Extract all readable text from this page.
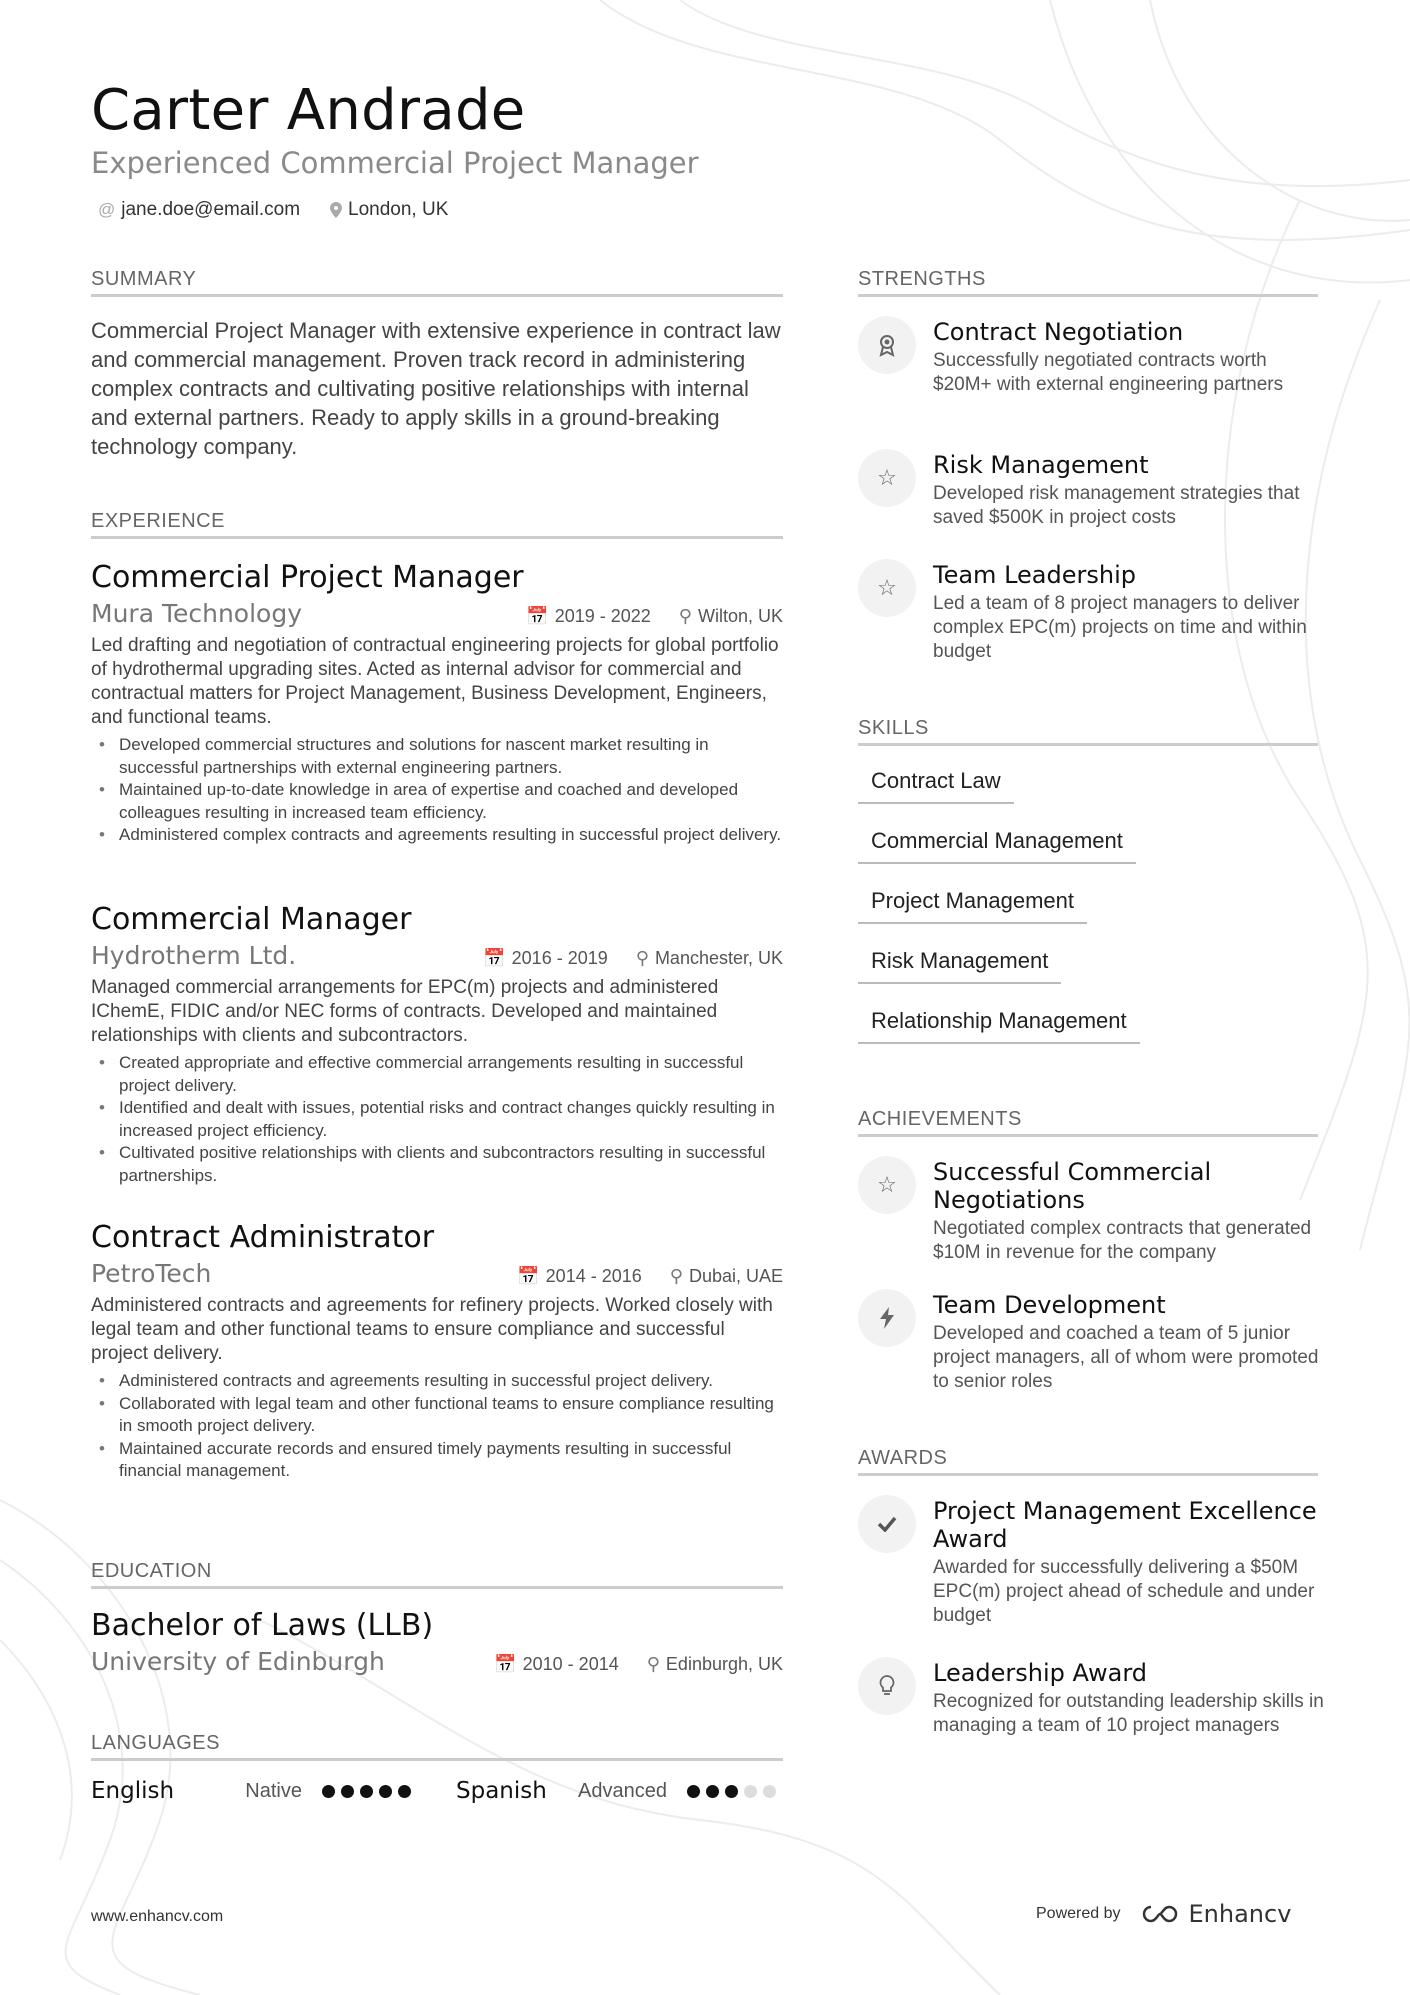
Carter Andrade
Experienced Commercial Project Manager
@ jane.doe@email.com	London, UK
SUMMARY
Commercial Project Manager with extensive experience in contract law and commercial management. Proven track record in administering complex contracts and cultivating positive relationships with internal and external partners. Ready to apply skills in a ground-breaking technology company.
EXPERIENCE
Commercial Project Manager
Mura Technology	📅 2019 - 2022 ⚲ Wilton, UK
Led drafting and negotiation of contractual engineering projects for global portfolio of hydrothermal upgrading sites. Acted as internal advisor for commercial and contractual matters for Project Management, Business Development, Engineers, and functional teams.
• Developed commercial structures and solutions for nascent market resulting in successful partnerships with external engineering partners.
• Maintained up-to-date knowledge in area of expertise and coached and developed colleagues resulting in increased team efficiency.
• Administered complex contracts and agreements resulting in successful project delivery.
Commercial Manager
Hydrotherm Ltd.	📅 2016 - 2019 ⚲ Manchester, UK
Managed commercial arrangements for EPC(m) projects and administered IChemE, FIDIC and/or NEC forms of contracts. Developed and maintained relationships with clients and subcontractors.
• Created appropriate and effective commercial arrangements resulting in successful project delivery.
• Identified and dealt with issues, potential risks and contract changes quickly resulting in increased project efficiency.
• Cultivated positive relationships with clients and subcontractors resulting in successful partnerships.
Contract Administrator
PetroTech	📅 2014 - 2016 ⚲ Dubai, UAE
Administered contracts and agreements for refinery projects. Worked closely with legal team and other functional teams to ensure compliance and successful project delivery.
• Administered contracts and agreements resulting in successful project delivery.
• Collaborated with legal team and other functional teams to ensure compliance resulting in smooth project delivery.
• Maintained accurate records and ensured timely payments resulting in successful financial management.
EDUCATION
Bachelor of Laws (LLB)
University of Edinburgh	📅 2010 - 2014 ⚲ Edinburgh, UK
LANGUAGES
English	Native	Spanish Advanced
STRENGTHS
Contract Negotiation
Successfully negotiated contracts worth $20M+ with external engineering partners
☆	Risk Management
Developed risk management strategies that saved $500K in project costs
☆	Team Leadership
Led a team of 8 project managers to deliver complex EPC(m) projects on time and within budget
SKILLS
Contract Law
Commercial Management
Project Management
Risk Management
Relationship Management
ACHIEVEMENTS
☆	Successful Commercial Negotiations
Negotiated complex contracts that generated $10M in revenue for the company
Team Development
Developed and coached a team of 5 junior project managers, all of whom were promoted to senior roles
AWARDS
Project Management Excellence Award
Awarded for successfully delivering a $50M EPC(m) project ahead of schedule and under budget
Leadership Award
Recognized for outstanding leadership skills in managing a team of 10 project managers
www.enhancv.com	Powered by	Enhancv
